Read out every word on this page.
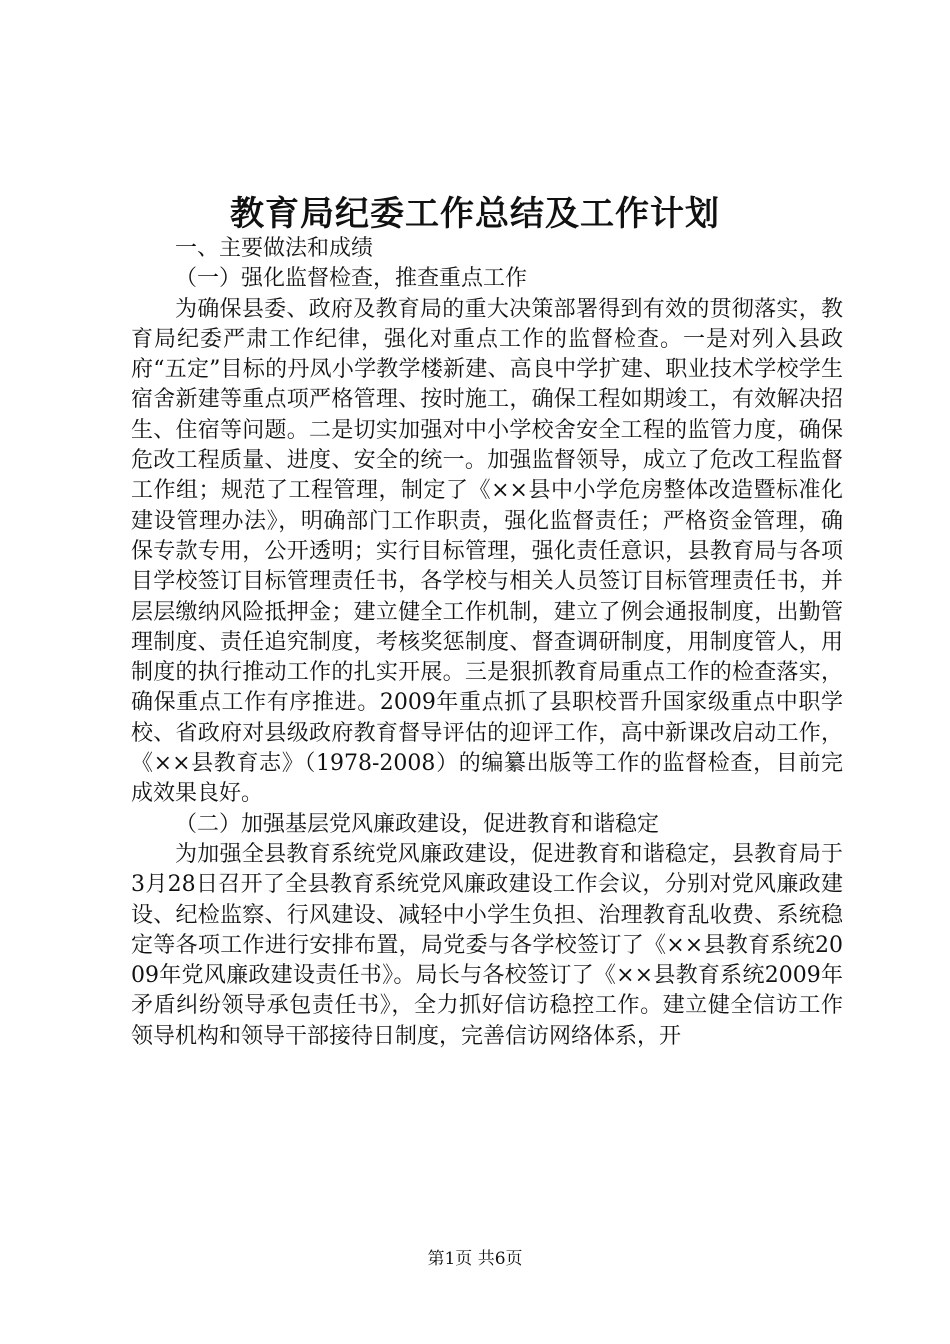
教育局纪委工作总结及工作计划

一、主要做法和成绩

（一）强化监督检查，推查重点工作

为确保县委、政府及教育局的重大决策部署得到有效的贯彻落实，教育局纪委严肃工作纪律，强化对重点工作的监督检查。一是对列入县政府“五定”目标的丹凤小学教学楼新建、高良中学扩建、职业技术学校学生宿舍新建等重点项严格管理、按时施工，确保工程如期竣工，有效解决招生、住宿等问题。二是切实加强对中小学校舍安全工程的监管力度，确保危改工程质量、进度、安全的统一。加强监督领导，成立了危改工程监督工作组；规范了工程管理，制定了《××县中小学危房整体改造暨标准化建设管理办法》，明确部门工作职责，强化监督责任；严格资金管理，确保专款专用，公开透明；实行目标管理，强化责任意识，县教育局与各项目学校签订目标管理责任书，各学校与相关人员签订目标管理责任书，并层层缴纳风险抵押金；建立健全工作机制，建立了例会通报制度，出勤管理制度、责任追究制度，考核奖惩制度、督查调研制度，用制度管人，用制度的执行推动工作的扎实开展。三是狠抓教育局重点工作的检查落实，确保重点工作有序推进。2009年重点抓了县职校晋升国家级重点中职学校、省政府对县级政府教育督导评估的迎评工作，高中新课改启动工作，《××县教育志》（1978-2008）的编纂出版等工作的监督检查，目前完成效果良好。

（二）加强基层党风廉政建设，促进教育和谐稳定

为加强全县教育系统党风廉政建设，促进教育和谐稳定，县教育局于3月28日召开了全县教育系统党风廉政建设工作会议，分别对党风廉政建设、纪检监察、行风建设、减轻中小学生负担、治理教育乱收费、系统稳定等各项工作进行安排布置，局党委与各学校签订了《××县教育系统2009年党风廉政建设责任书》。局长与各校签订了《××县教育系统2009年矛盾纠纷领导承包责任书》，全力抓好信访稳控工作。建立健全信访工作领导机构和领导干部接待日制度，完善信访网络体系，开

第1页 共6页
